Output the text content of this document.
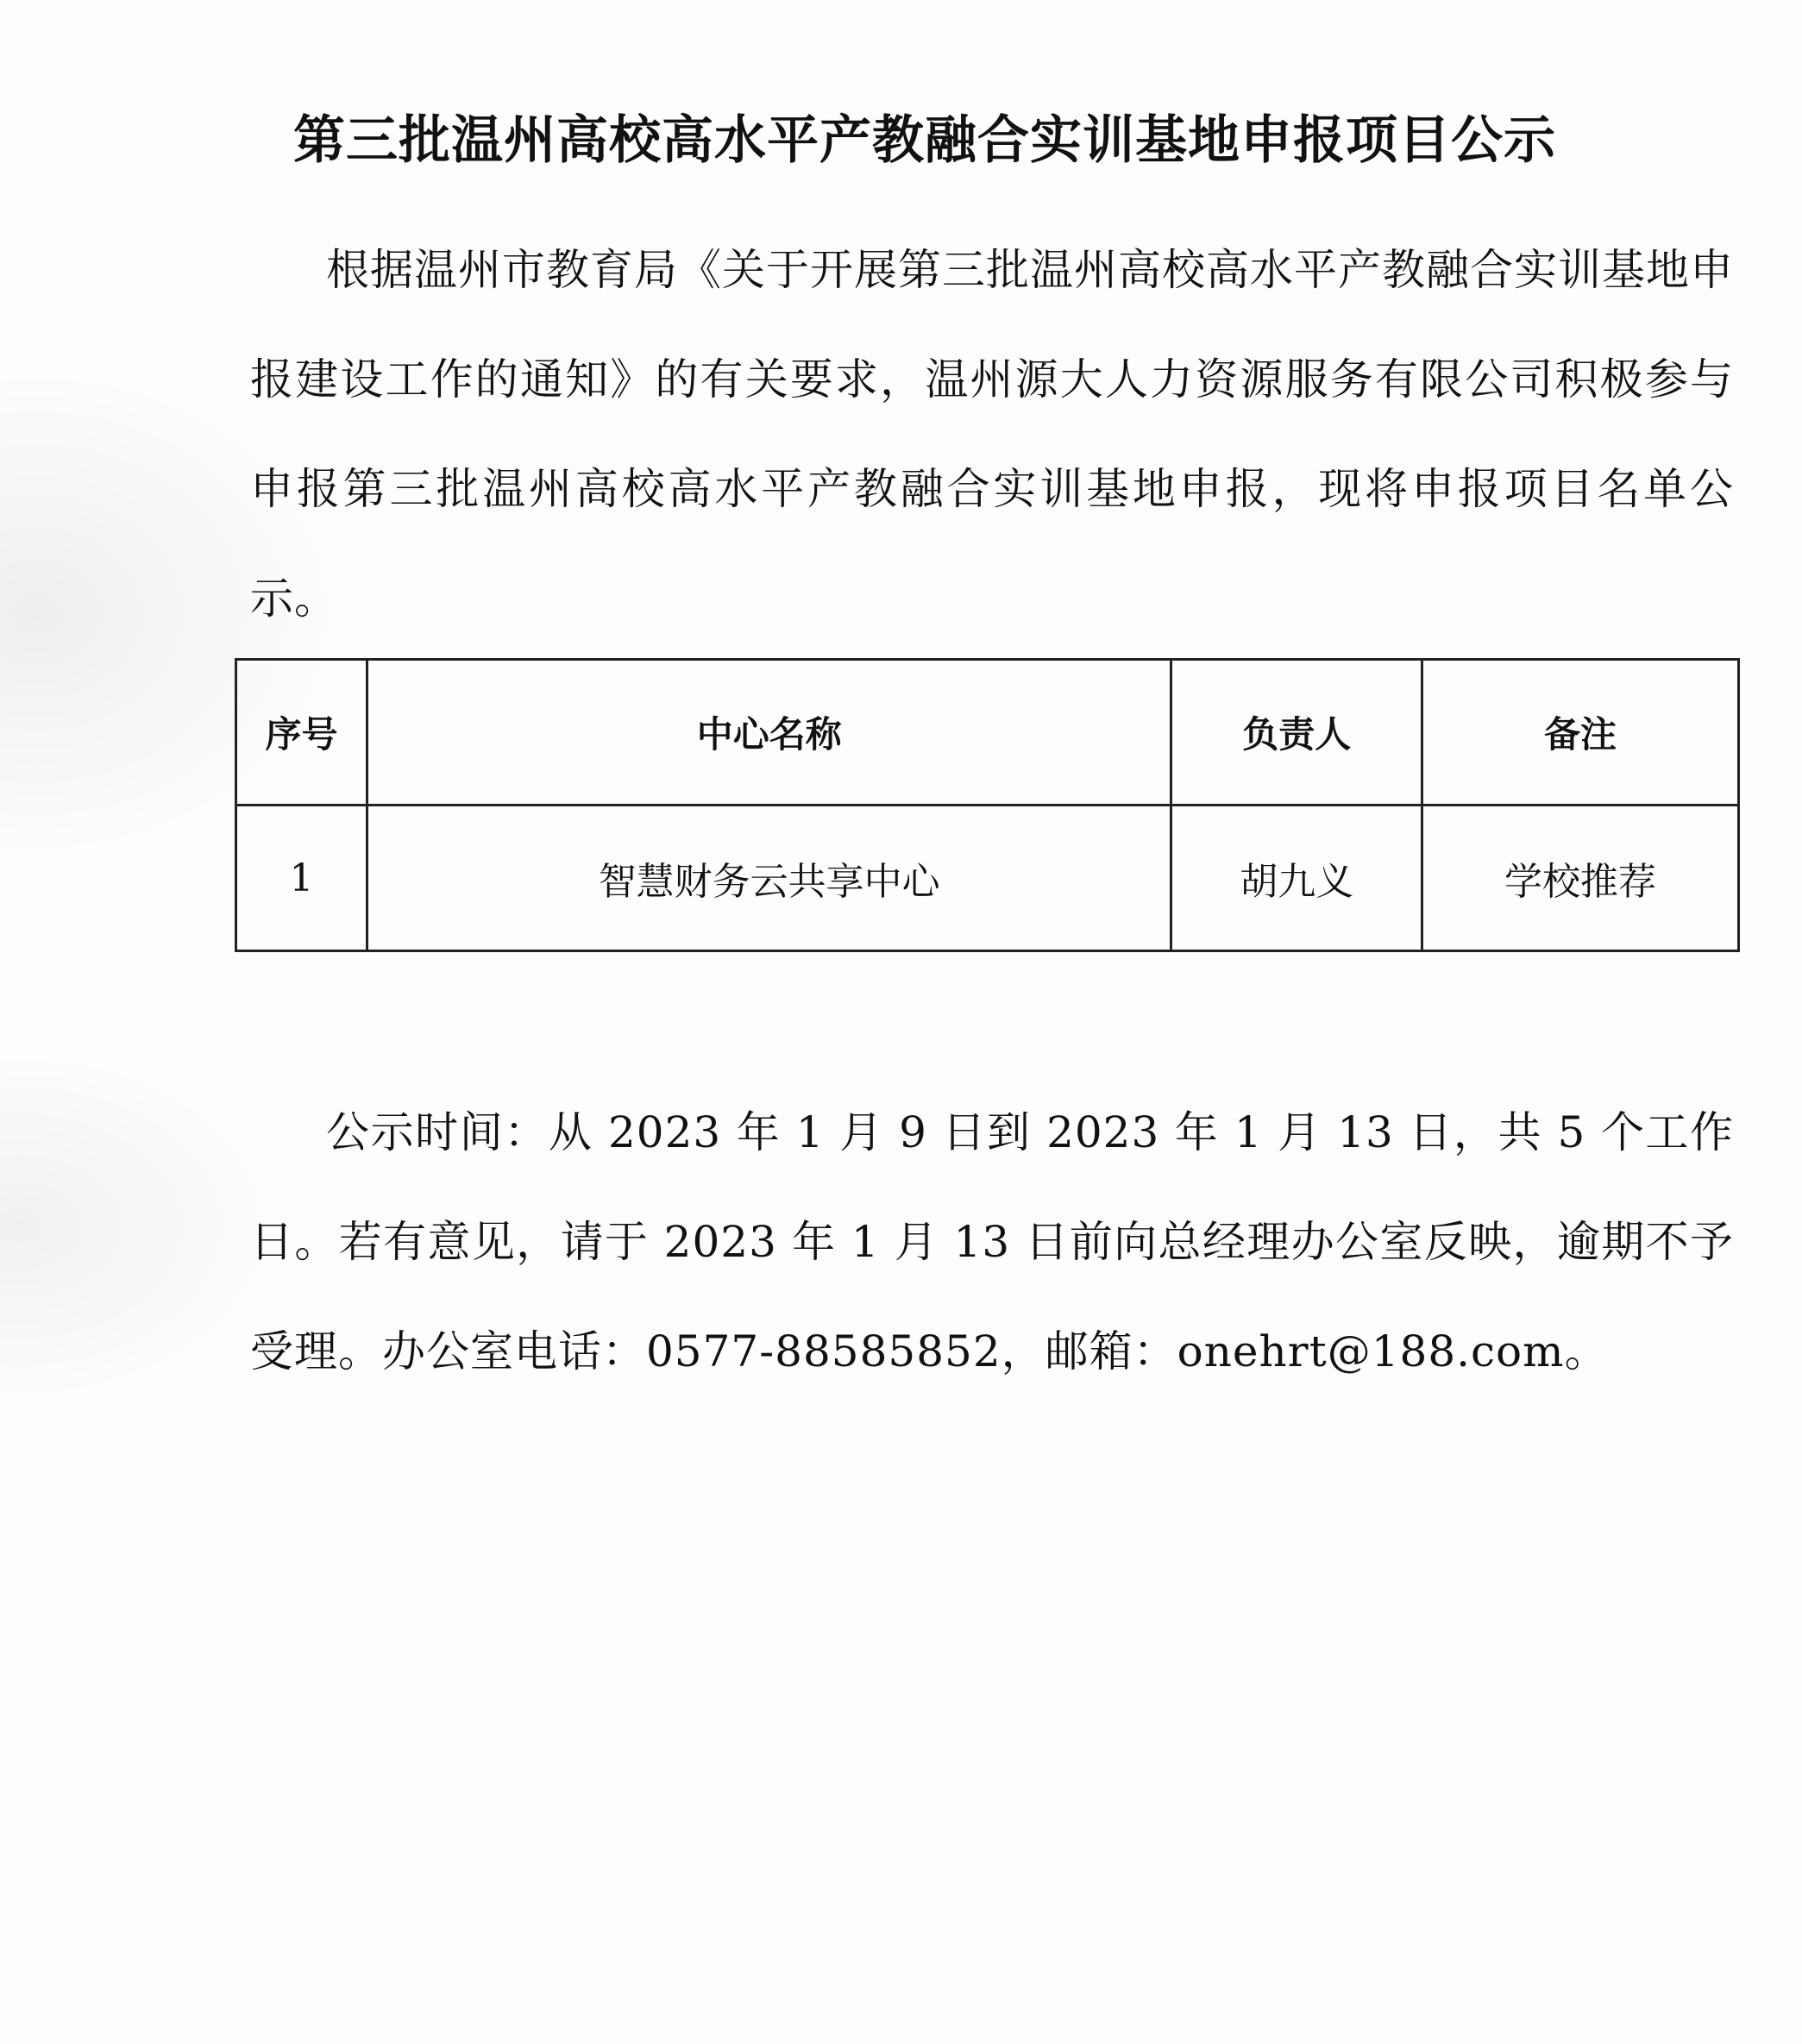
第三批温州高校高水平产教融合实训基地申报项目公示
根据温州市教育局《关于开展第三批温州高校高水平产教融合实训基地申报建设工作的通知》的有关要求，温州源大人力资源服务有限公司积极参与申报第三批温州高校高水平产教融合实训基地申报，现将申报项目名单公示。
序号	中心名称	负责人	备注
1	智慧财务云共享中心	胡九义	学校推荐
公示时间：从 2023 年 1 月 9 日到 2023 年 1 月 13 日，共 5 个工作日。若有意见，请于 2023 年 1 月 13 日前向总经理办公室反映，逾期不予受理。办公室电话：0577-88585852，邮箱：onehrt@188.com。
